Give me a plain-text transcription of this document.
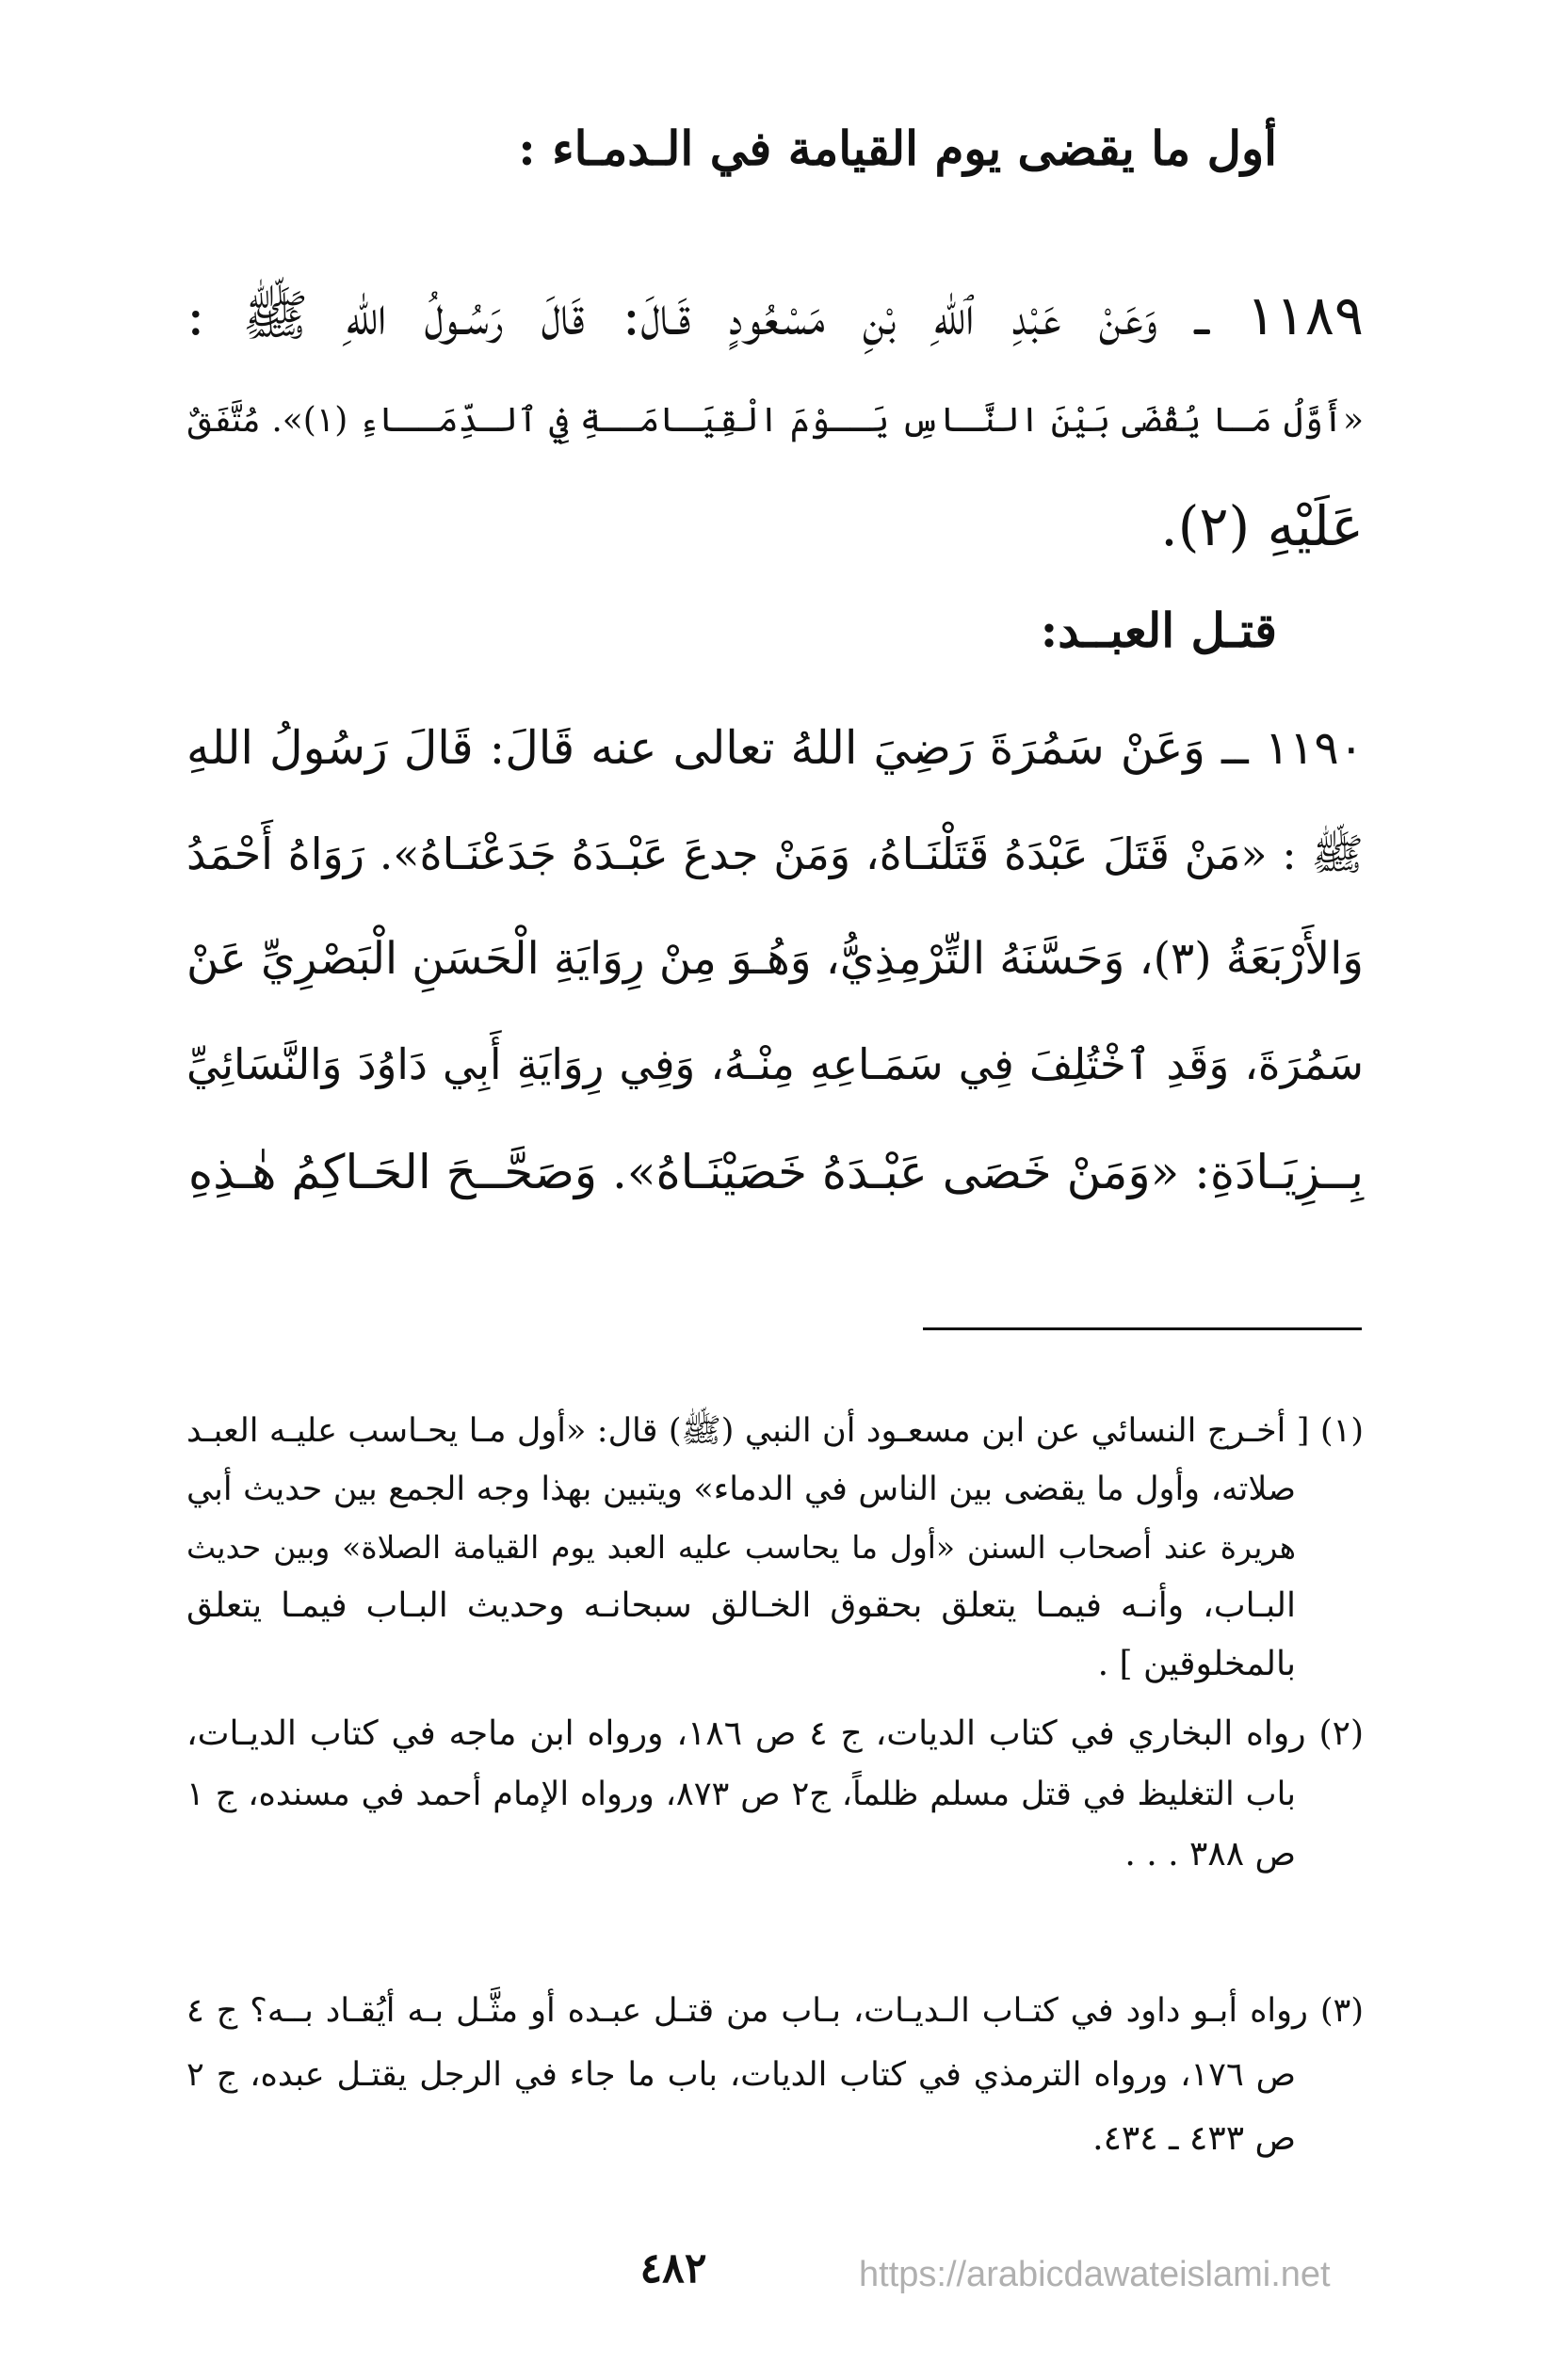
أول ما يقضى يوم القيامة في الـدمـاء :
١١٨٩ ــ وَعَنْ عَبْدِ ٱللهِ بْنِ مَسْعُودٍ قَـالَ: قَالَ رَسُـولُ اللهِ ﷺ :
«أَوَّلُ مَـا يُقْضَى بَيْنَ النَّـاسِ يَــوْمَ الْقِيَـامَــةِ فِي ٱلـدِّمَــاءِ (١)». مُتَّفَقٌ
عَلَيْهِ (٢).
قتـل العبــد:
١١٩٠ ــ وَعَنْ سَمُرَةَ رَضِيَ اللهُ تعالى عنه قَالَ: قَالَ رَسُولُ اللهِ
ﷺ : «مَنْ قَتَلَ عَبْدَهُ قَتَلْنَـاهُ، وَمَنْ جدعَ عَبْـدَهُ جَدَعْنَـاهُ». رَوَاهُ أَحْمَدُ
وَالأَرْبَعَةُ (٣)، وَحَسَّنَهُ التِّرْمِذِيُّ، وَهُـوَ مِنْ رِوَايَةِ الْحَسَنِ الْبَصْرِيِّ عَنْ
سَمُرَةَ، وَقَدِ ٱخْتُلِفَ فِي سَمَـاعِهِ مِنْـهُ، وَفِي رِوَايَةِ أَبِي دَاوُدَ وَالنَّسَائِيِّ
بِــزِيَـادَةِ: «وَمَنْ خَصَى عَبْـدَهُ خَصَيْنَـاهُ». وَصَحَّــحَ الحَـاكِمُ هٰـذِهِ
(١) [ أخـرج النسائي عن ابن مسعـود أن النبي (ﷺ) قال: «أول مـا يحـاسب عليـه العبـد
صلاته، وأول ما يقضى بين الناس في الدماء» ويتبين بهذا وجه الجمع بين حديث أبي
هريرة عند أصحاب السنن «أول ما يحاسب عليه العبد يوم القيامة الصلاة» وبين حديث
البـاب، وأنـه فيمـا يتعلق بحقوق الخـالق سبحانـه وحديث البـاب فيمـا يتعلق
بالمخلوقين ] .
(٢) رواه البخاري في كتاب الديات، ج ٤ ص ١٨٦، ورواه ابن ماجه في كتاب الديـات،
باب التغليظ في قتل مسلم ظلماً، ج٢ ص ٨٧٣، ورواه الإمام أحمد في مسنده، ج ١
ص ٣٨٨ . . .
(٣) رواه أبـو داود في كتـاب الـديـات، بـاب من قتـل عبـده أو مثَّـل بـه أيُقـاد بــه؟ ج ٤
ص ١٧٦، ورواه الترمذي في كتاب الديات، باب ما جاء في الرجل يقتـل عبده، ج ٢
ص ٤٣٣ ـ ٤٣٤.
٤٨٢	https://arabicdawateislami.net
